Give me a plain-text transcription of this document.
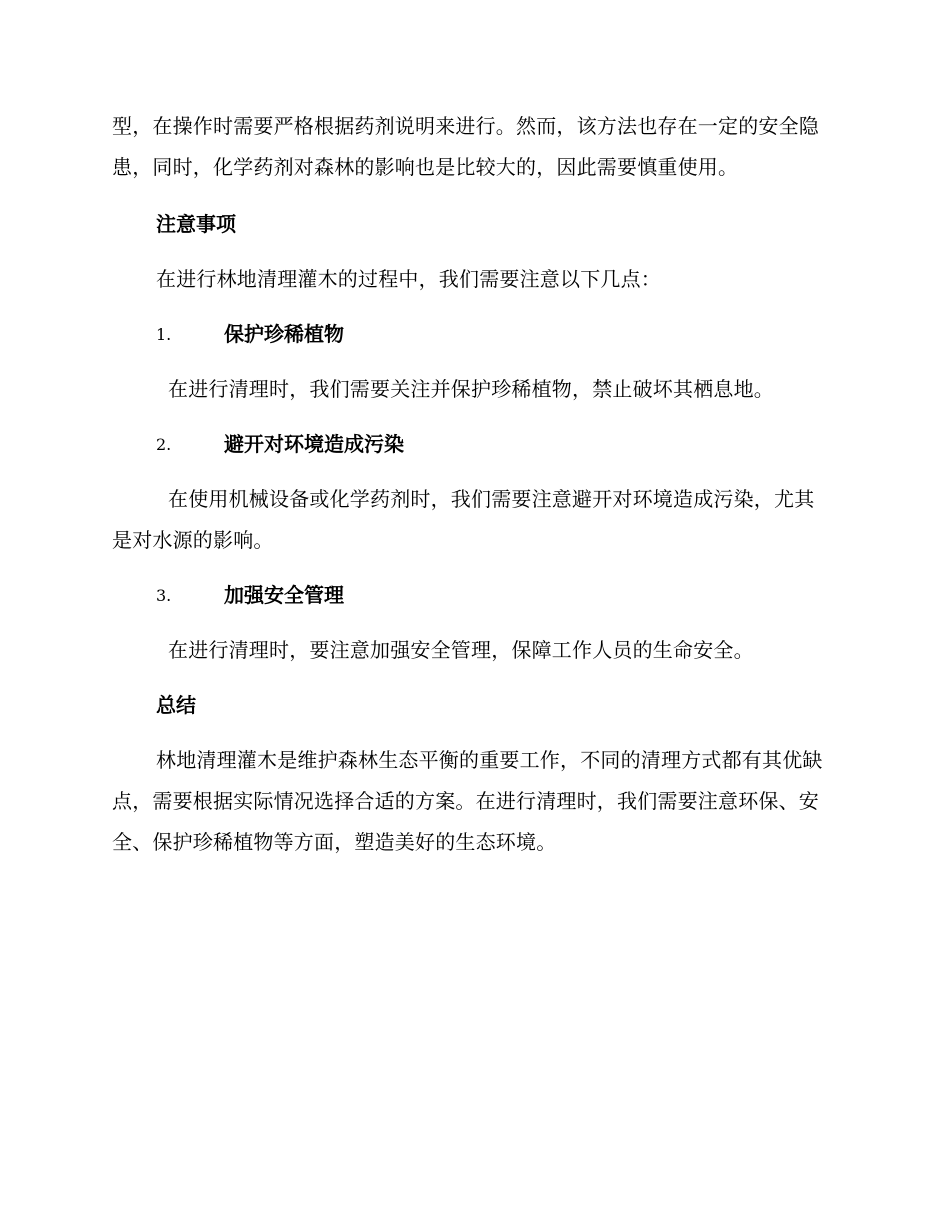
型，在操作时需要严格根据药剂说明来进行。然而，该方法也存在一定的安全隐患，同时，化学药剂对森林的影响也是比较大的，因此需要慎重使用。

注意事项

在进行林地清理灌木的过程中，我们需要注意以下几点：

1.	保护珍稀植物

在进行清理时，我们需要关注并保护珍稀植物，禁止破坏其栖息地。

2.	避开对环境造成污染

在使用机械设备或化学药剂时，我们需要注意避开对环境造成污染，尤其是对水源的影响。

3.	加强安全管理

在进行清理时，要注意加强安全管理，保障工作人员的生命安全。

总结

林地清理灌木是维护森林生态平衡的重要工作，不同的清理方式都有其优缺点，需要根据实际情况选择合适的方案。在进行清理时，我们需要注意环保、安全、保护珍稀植物等方面，塑造美好的生态环境。
